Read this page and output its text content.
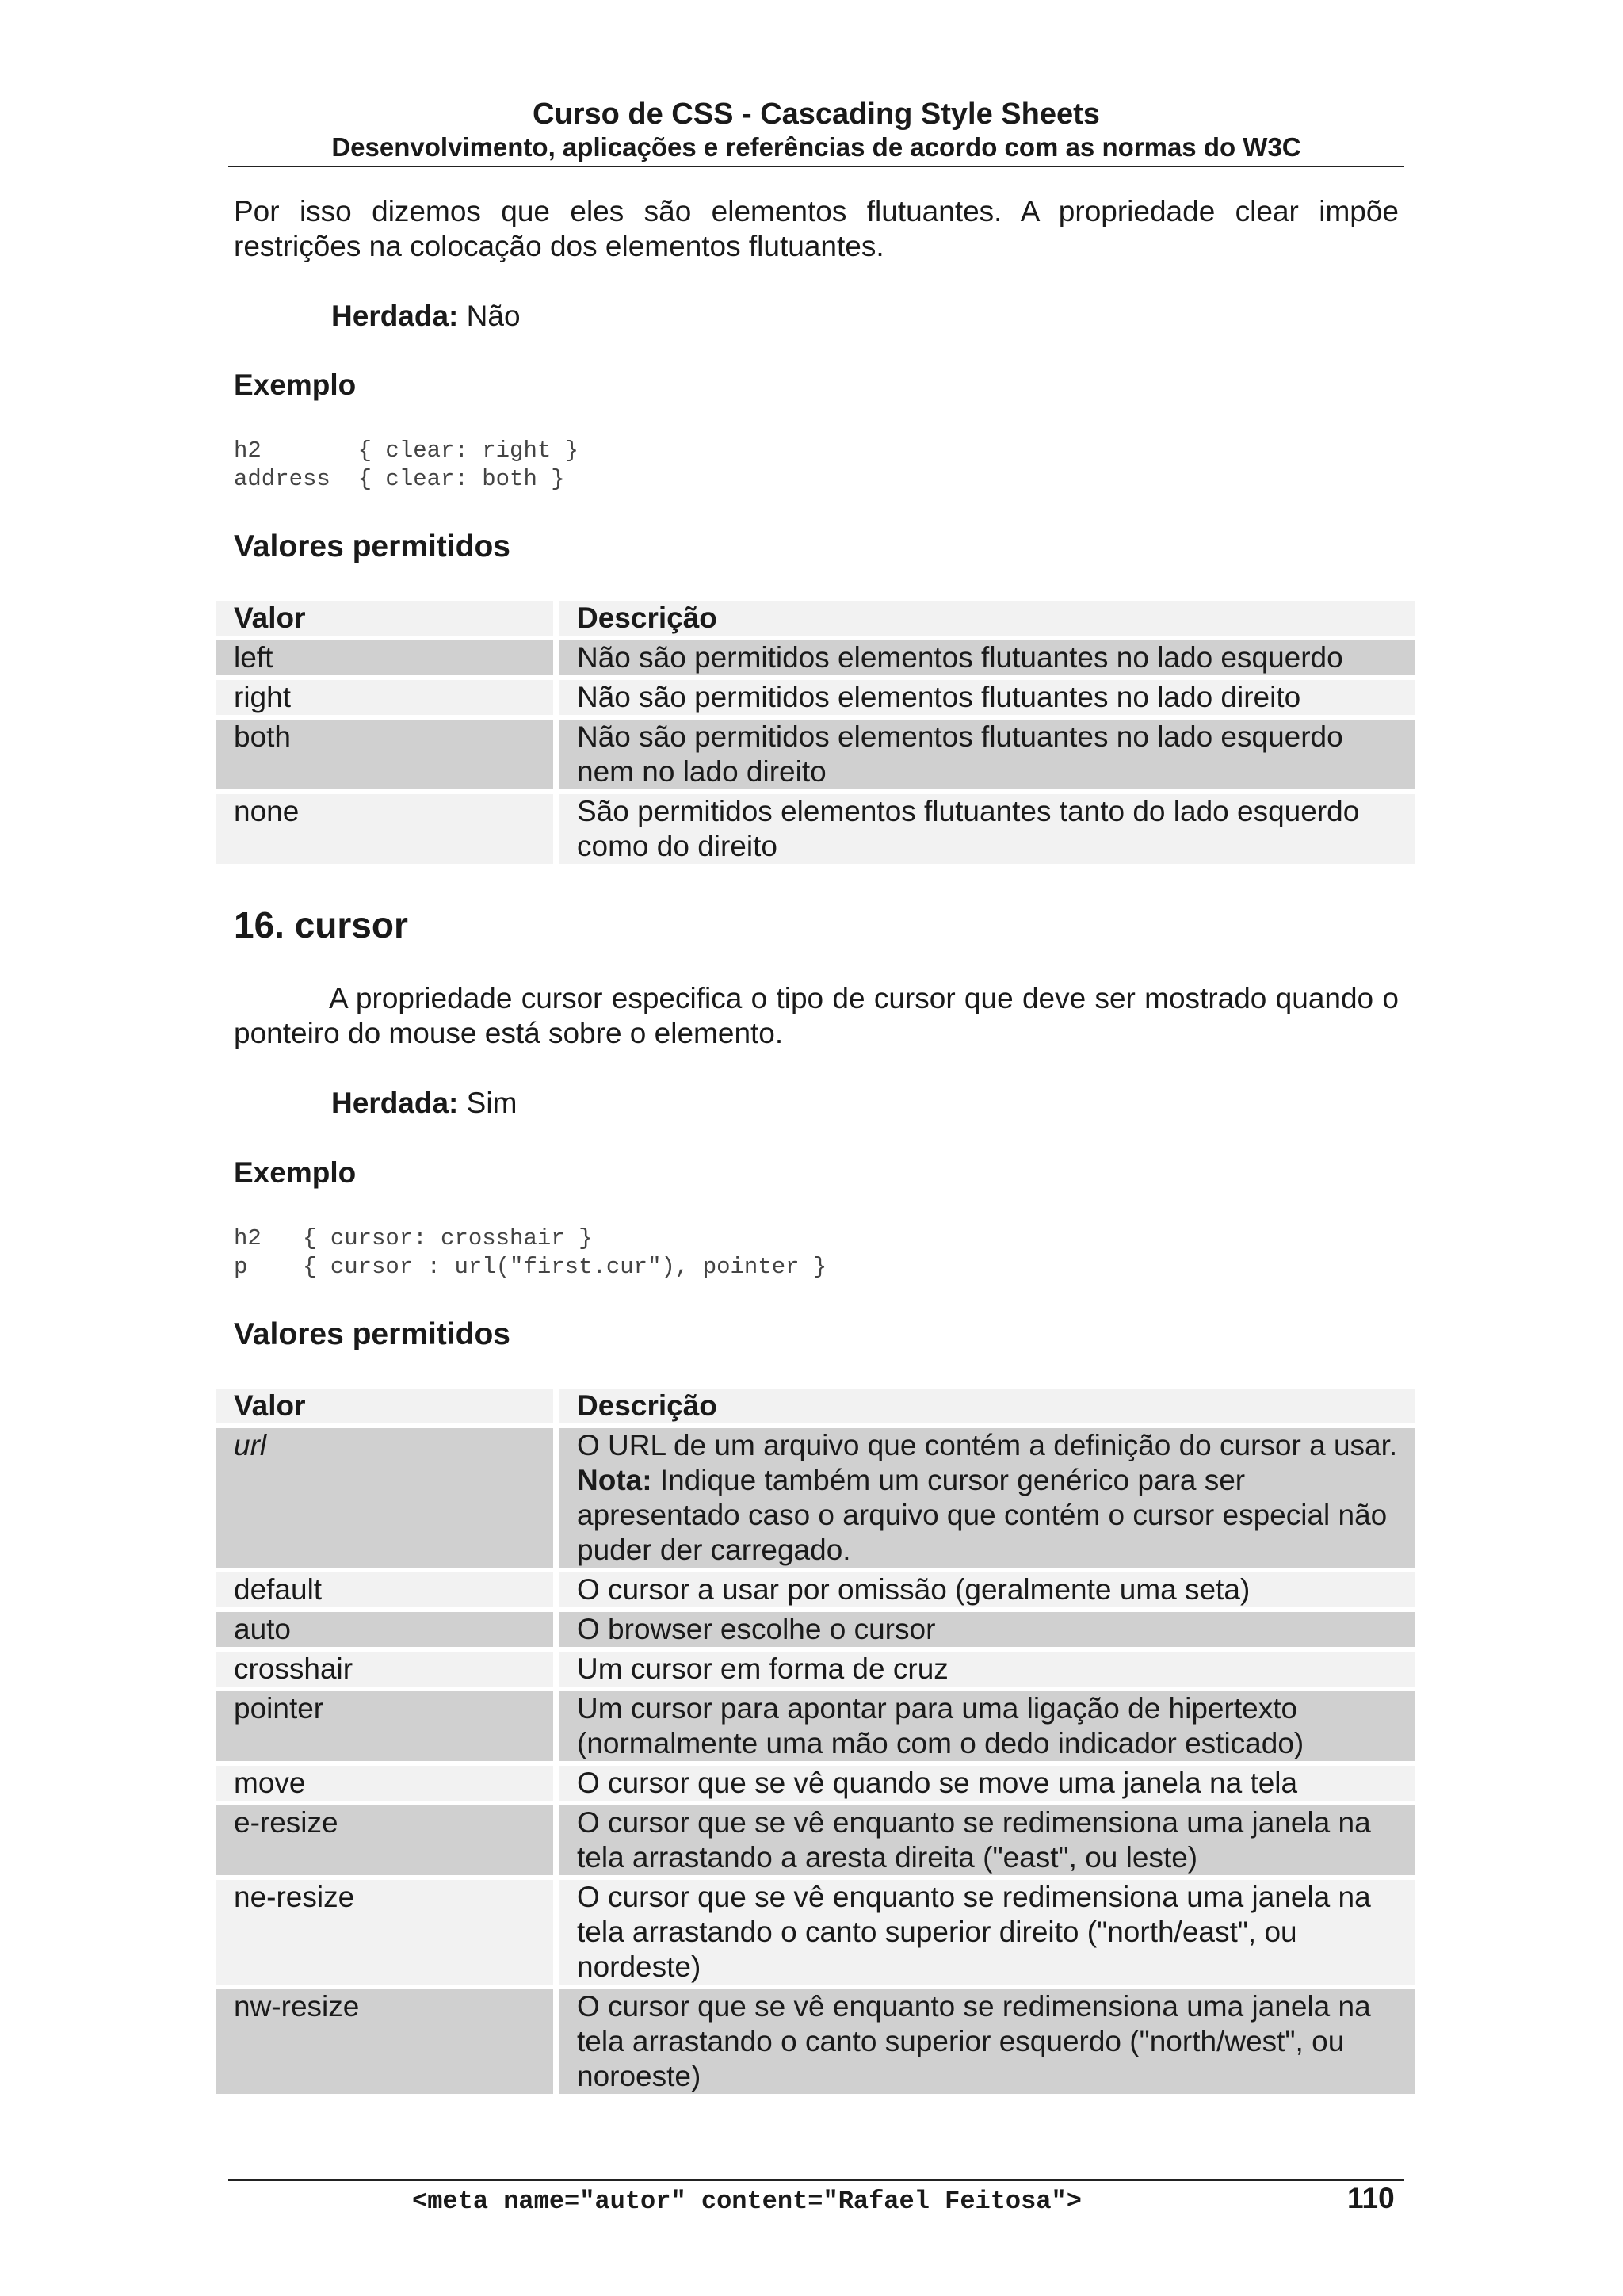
Curso de CSS - Cascading Style Sheets
Desenvolvimento, aplicações e referências de acordo com as normas do W3C
Por isso dizemos que eles são elementos flutuantes. A propriedade clear impõe restrições na colocação dos elementos flutuantes.
Herdada: Não
Exemplo
h2       { clear: right }
address  { clear: both }
Valores permitidos
Valor	Descrição
left	Não são permitidos elementos flutuantes no lado esquerdo
right	Não são permitidos elementos flutuantes no lado direito
both	Não são permitidos elementos flutuantes no lado esquerdo nem no lado direito
none	São permitidos elementos flutuantes tanto do lado esquerdo como do direito
16. cursor
A propriedade cursor especifica o tipo de cursor que deve ser mostrado quando o ponteiro do mouse está sobre o elemento.
Herdada: Sim
Exemplo
h2   { cursor: crosshair }
p    { cursor : url("first.cur"), pointer }
Valores permitidos
Valor	Descrição
url	O URL de um arquivo que contém a definição do cursor a usar. Nota: Indique também um cursor genérico para ser apresentado caso o arquivo que contém o cursor especial não puder der carregado.
default	O cursor a usar por omissão (geralmente uma seta)
auto	O browser escolhe o cursor
crosshair	Um cursor em forma de cruz
pointer	Um cursor para apontar para uma ligação de hipertexto (normalmente uma mão com o dedo indicador esticado)
move	O cursor que se vê quando se move uma janela na tela
e-resize	O cursor que se vê enquanto se redimensiona uma janela na tela arrastando a aresta direita ("east", ou leste)
ne-resize	O cursor que se vê enquanto se redimensiona uma janela na tela arrastando o canto superior direito ("north/east", ou nordeste)
nw-resize	O cursor que se vê enquanto se redimensiona uma janela na tela arrastando o canto superior esquerdo ("north/west", ou noroeste)
<meta name="autor" content="Rafael Feitosa">	110
